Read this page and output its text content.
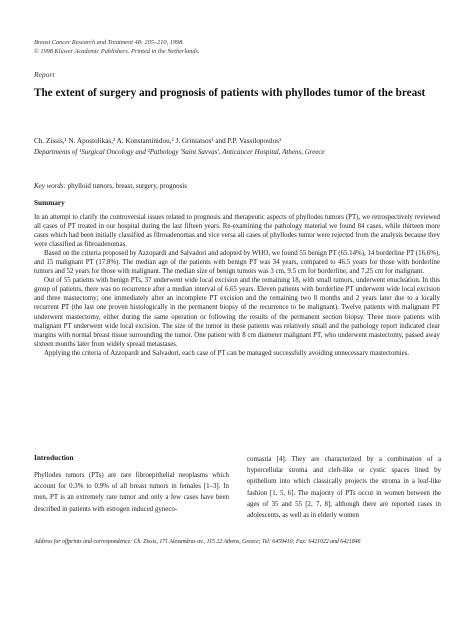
Breast Cancer Research and Treatment 48: 205–210, 1998.
© 1998 Kluwer Academic Publishers. Printed in the Netherlands.
Report
The extent of surgery and prognosis of patients with phyllodes tumor of the breast
Ch. Zissis,¹ N. Apostolikas,² A. Konstantinidou,² J. Griniatsos¹ and P.P. Vassilopoulos¹
Departments of ¹Surgical Oncology and ²Pathology 'Saint Savvas', Anticancer Hospital, Athens, Greece
Key words: phylloid tumors, breast, surgery, prognosis
Summary

In an attempt to clarify the controversial issues related to prognosis and therapeutic aspects of phyllodes tumors (PT), we retrospectively reviewed all cases of PT treated in our hospital during the last fifteen years. Re-examining the pathology material we found 84 cases, while thirteen more cases which had been initially classified as fibroadenomas and vice versa all cases of phyllodes tumor were rejected from the analysis because they were classified as fibroadenomas.

Based on the criteria proposed by Azzopardi and Salvadori and adopted by WHO, we found 55 benign PT (65.14%), 14 borderline PT (16.6%), and 15 malignant PT (17.8%). The median age of the patients with benign PT was 34 years, compared to 46.5 years for those with borderline tumors and 52 years for those with malignant. The median size of benign tumors was 3 cm, 9.5 cm for borderline, and 7.25 cm for malignant.

Out of 55 patients with benign PTs, 37 underwent wide local excision and the remaining 18, with small tumors, underwent enucleation. In this group of patients, there was no recurrence after a median interval of 6.65 years. Eleven patients with borderline PT underwent wide local excision and three mastectomy; one immediately after an incomplete PT excision and the remaining two 8 months and 2 years later due to a locally recurrent PT (the last one proven histologically in the permanent biopsy of the recurrence to be malignant). Twelve patients with malignant PT underwent mastectomy, either during the same operation or following the results of the permanent section biopsy. Three more patients with malignant PT underwent wide local excision. The size of the tumor in these patients was relatively small and the pathology report indicated clear margins with normal breast tissue surrounding the tumor. One patient with 8 cm diameter malignant PT, who underwent mastectomy, passed away sixteen months later from widely spread metastases.

Applying the criteria of Azzopardi and Salvadori, each case of PT can be managed successfully avoiding unnecessary mastectomies.

Introduction

Phyllodes tumors (PTs) are rare fibroepithelial neoplasms which account for 0.3% to 0.9% of all breast tumors in females [1–3]. In men, PT is an extremely rare tumor and only a few cases have been described in patients with estrogen induced gyneco-

comastia [4]. They are characterized by a combination of a hypercellular stroma and cleft-like or cystic spaces lined by epithelium into which classically projects the stroma in a leaf-like fashion [1, 5, 6]. The majority of PTs occur in women between the ages of 35 and 55 [2, 7, 8], although there are reported cases in adolescents, as well as in elderly women

Address for offprints and correspondence: Ch. Zissis, 171 Alexandras av., 115 22 Athens, Greece; Tel: 6459410; Fax: 6421022 and 6421846
